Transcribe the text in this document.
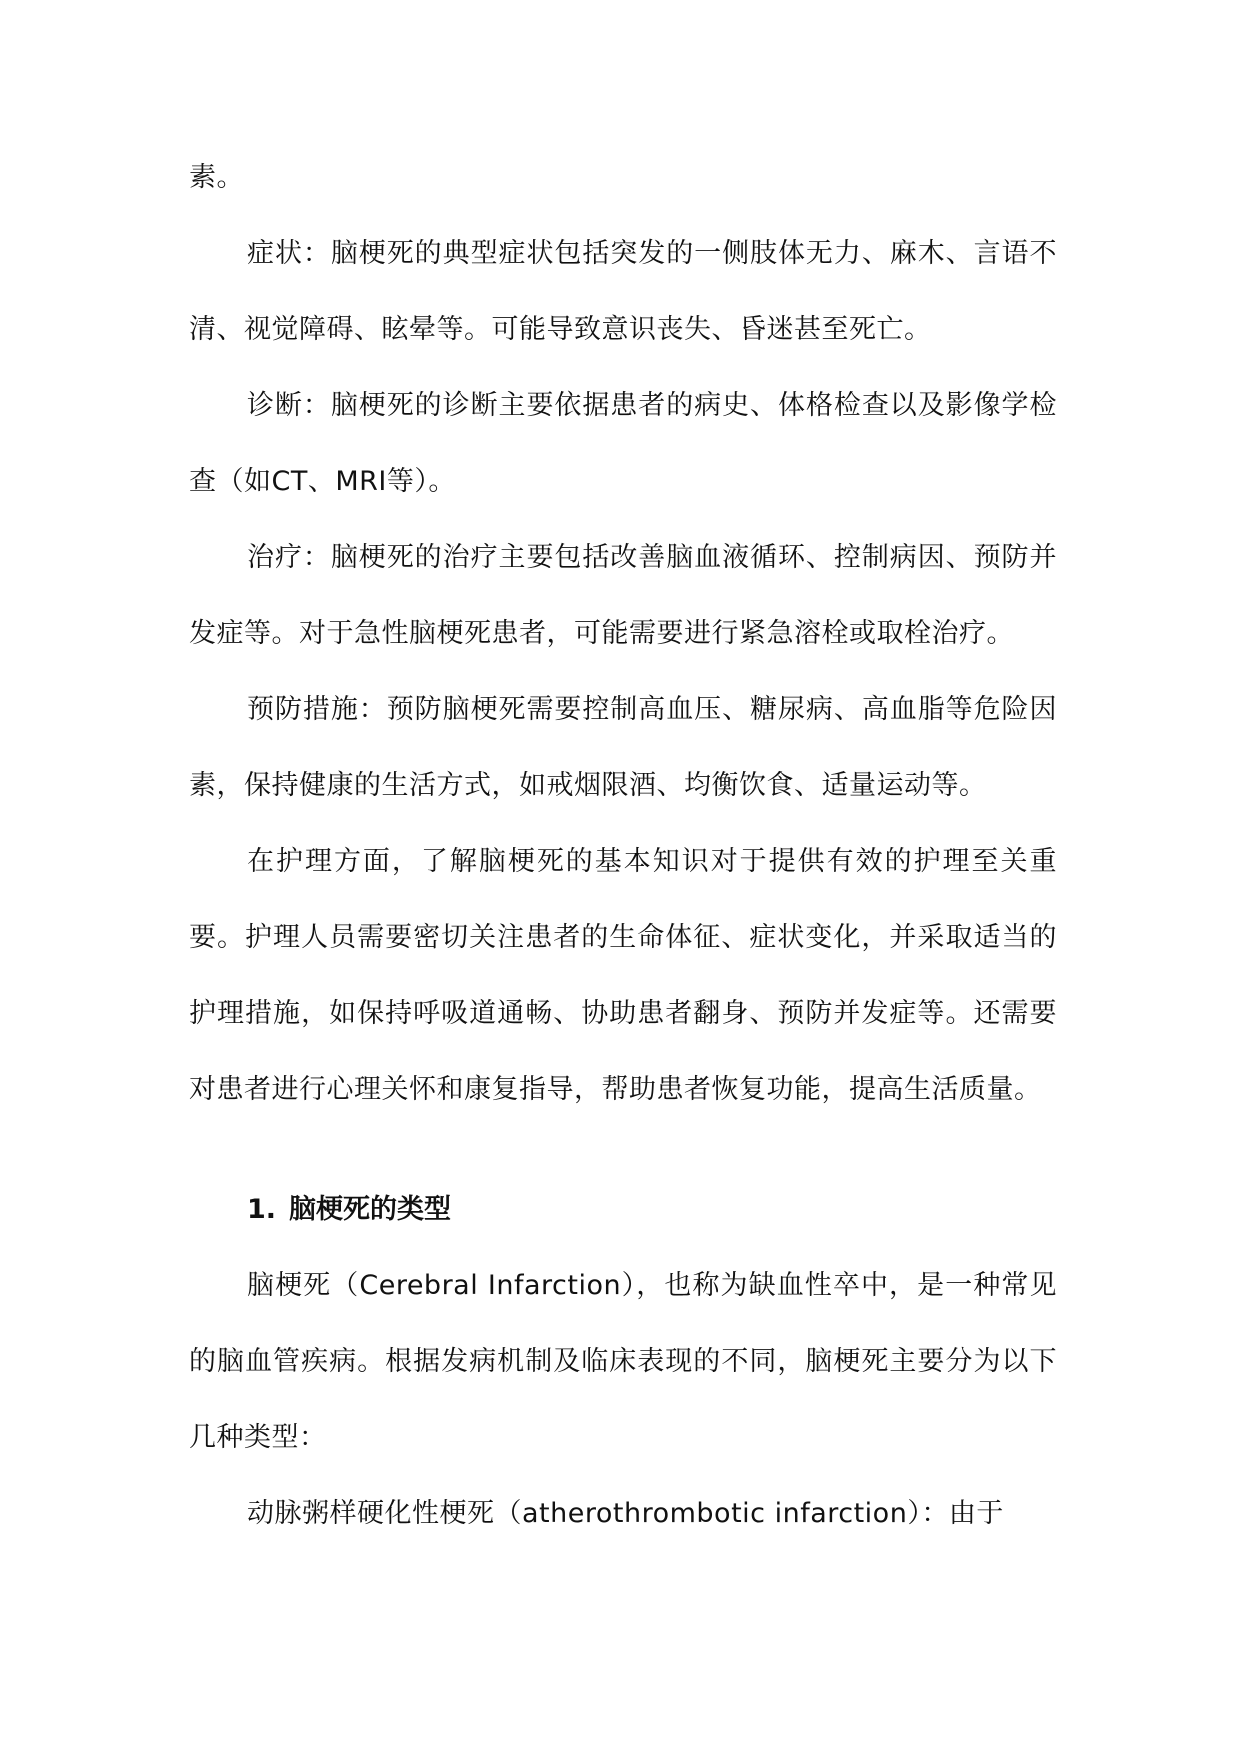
素。

症状：脑梗死的典型症状包括突发的一侧肢体无力、麻木、言语不清、视觉障碍、眩晕等。可能导致意识丧失、昏迷甚至死亡。

诊断：脑梗死的诊断主要依据患者的病史、体格检查以及影像学检查（如CT、MRI等）。

治疗：脑梗死的治疗主要包括改善脑血液循环、控制病因、预防并发症等。对于急性脑梗死患者，可能需要进行紧急溶栓或取栓治疗。

预防措施：预防脑梗死需要控制高血压、糖尿病、高血脂等危险因素，保持健康的生活方式，如戒烟限酒、均衡饮食、适量运动等。

在护理方面，了解脑梗死的基本知识对于提供有效的护理至关重要。护理人员需要密切关注患者的生命体征、症状变化，并采取适当的护理措施，如保持呼吸道通畅、协助患者翻身、预防并发症等。还需要对患者进行心理关怀和康复指导，帮助患者恢复功能，提高生活质量。

1. 脑梗死的类型

脑梗死（Cerebral Infarction），也称为缺血性卒中，是一种常见的脑血管疾病。根据发病机制及临床表现的不同，脑梗死主要分为以下几种类型：

动脉粥样硬化性梗死（atherothrombotic infarction）：由于
